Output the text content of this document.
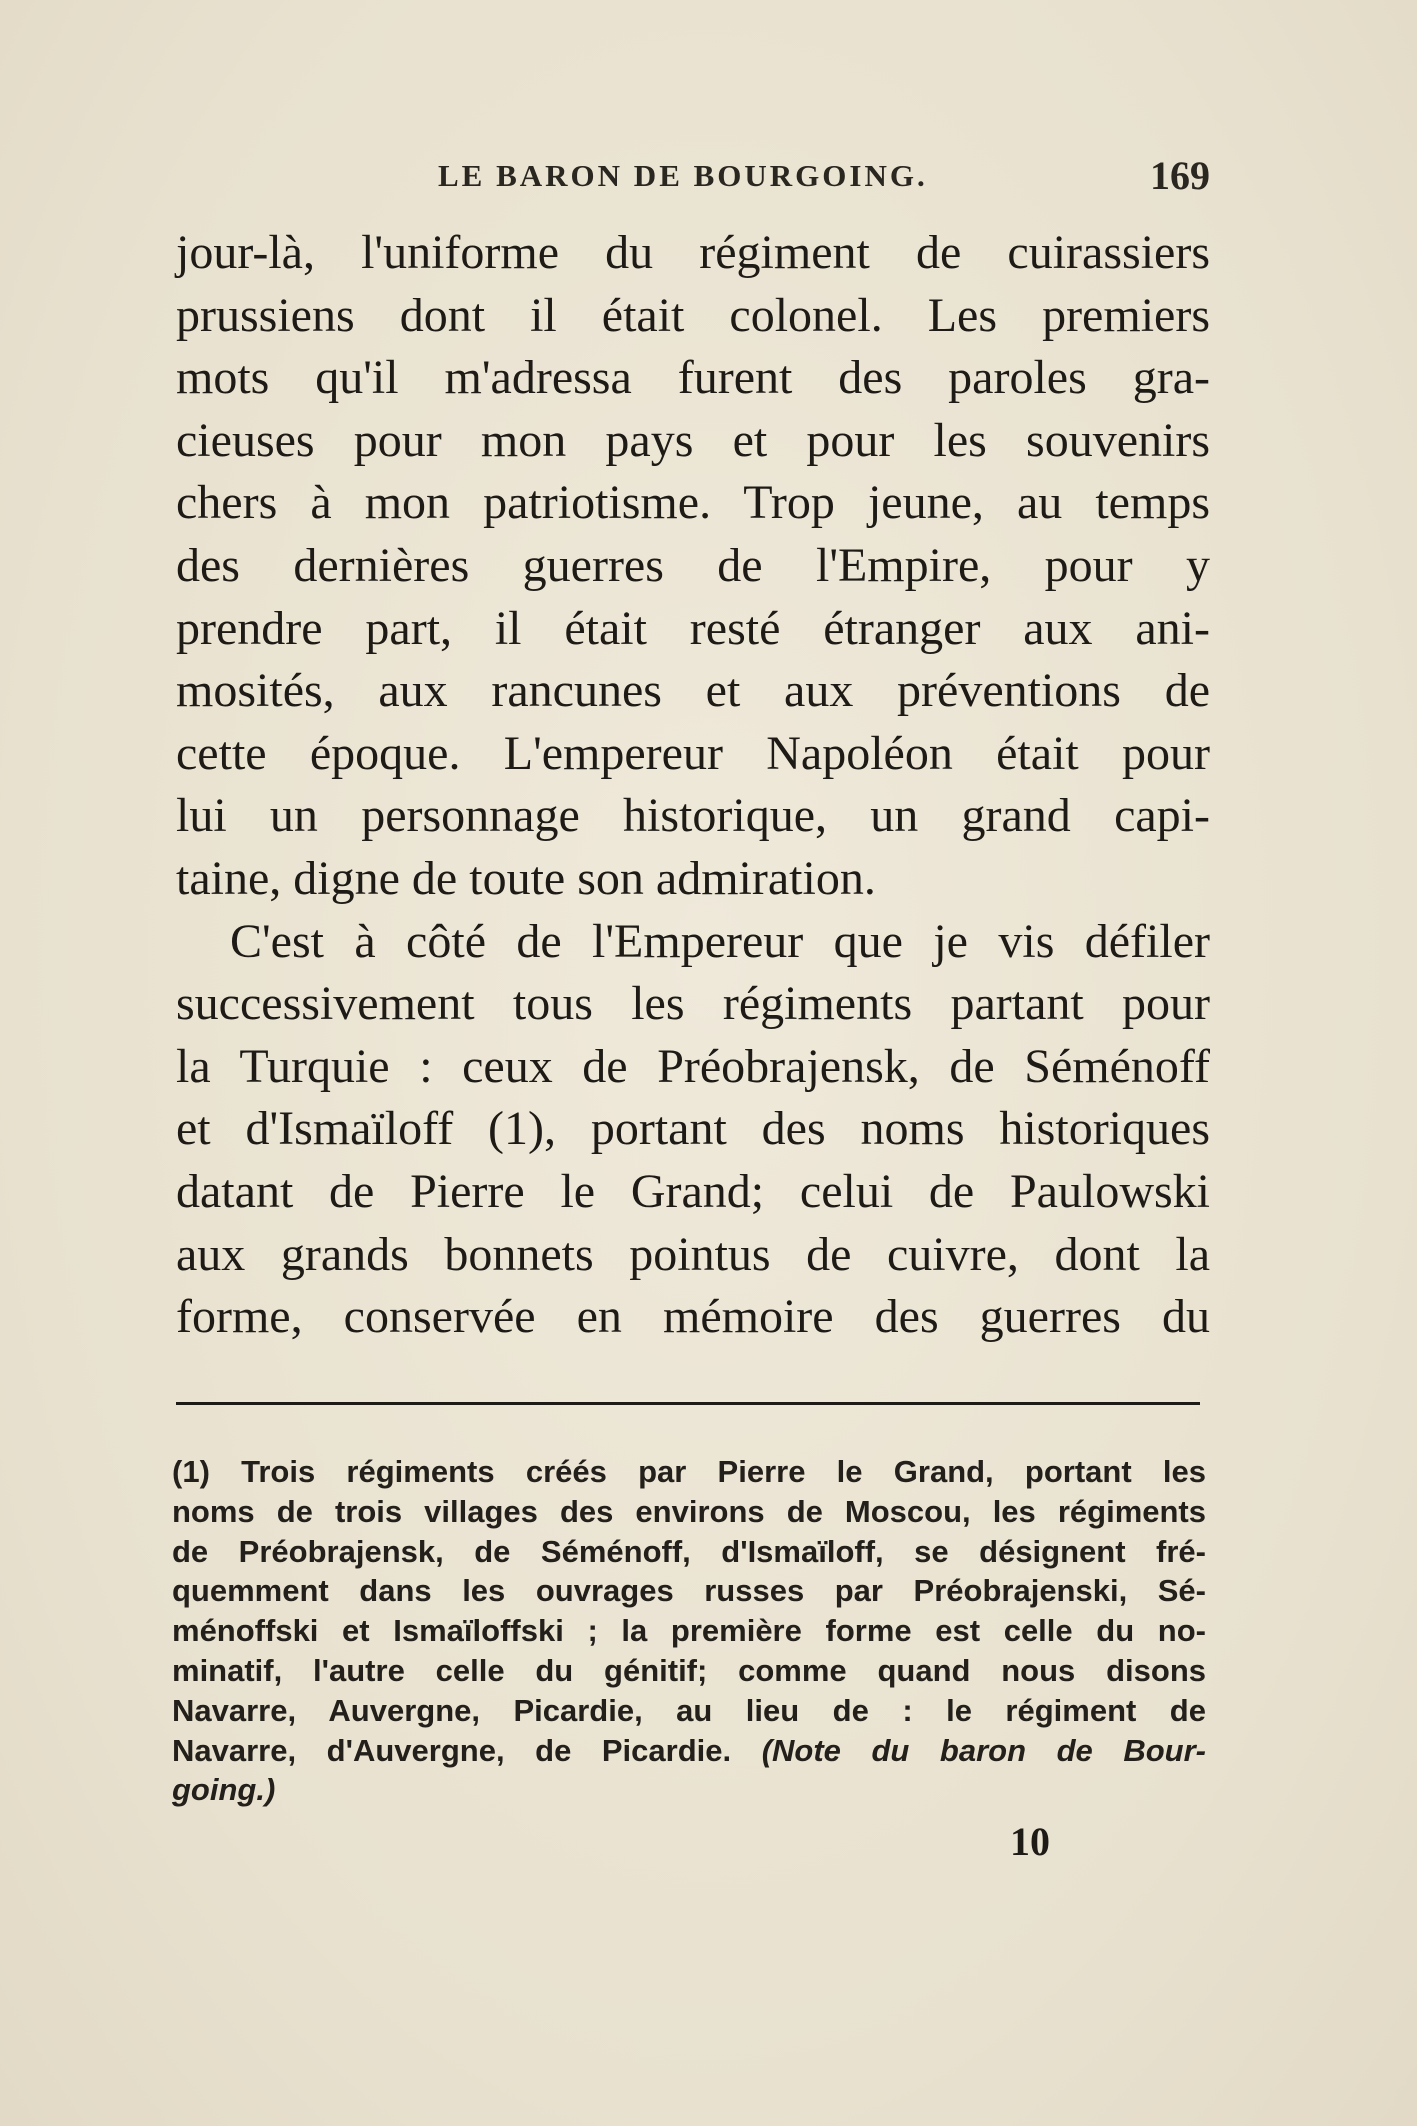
LE BARON DE BOURGOING.	169
jour-là, l'uniforme du régiment de cuirassiers
prussiens dont il était colonel. Les premiers
mots qu'il m'adressa furent des paroles gra-
cieuses pour mon pays et pour les souvenirs
chers à mon patriotisme. Trop jeune, au temps
des dernières guerres de l'Empire, pour y
prendre part, il était resté étranger aux ani-
mosités, aux rancunes et aux préventions de
cette époque. L'empereur Napoléon était pour
lui un personnage historique, un grand capi-
taine, digne de toute son admiration.
C'est à côté de l'Empereur que je vis défiler
successivement tous les régiments partant pour
la Turquie : ceux de Préobrajensk, de Séménoff
et d'Ismaïloff (1), portant des noms historiques
datant de Pierre le Grand; celui de Paulowski
aux grands bonnets pointus de cuivre, dont la
forme, conservée en mémoire des guerres du
(1) Trois régiments créés par Pierre le Grand, portant les
noms de trois villages des environs de Moscou, les régiments
de Préobrajensk, de Séménoff, d'Ismaïloff, se désignent fré-
quemment dans les ouvrages russes par Préobrajenski, Sé-
ménoffski et Ismaïloffski ; la première forme est celle du no-
minatif, l'autre celle du génitif; comme quand nous disons
Navarre, Auvergne, Picardie, au lieu de : le régiment de
Navarre, d'Auvergne, de Picardie. (Note du baron de Bour-
going.)
10
